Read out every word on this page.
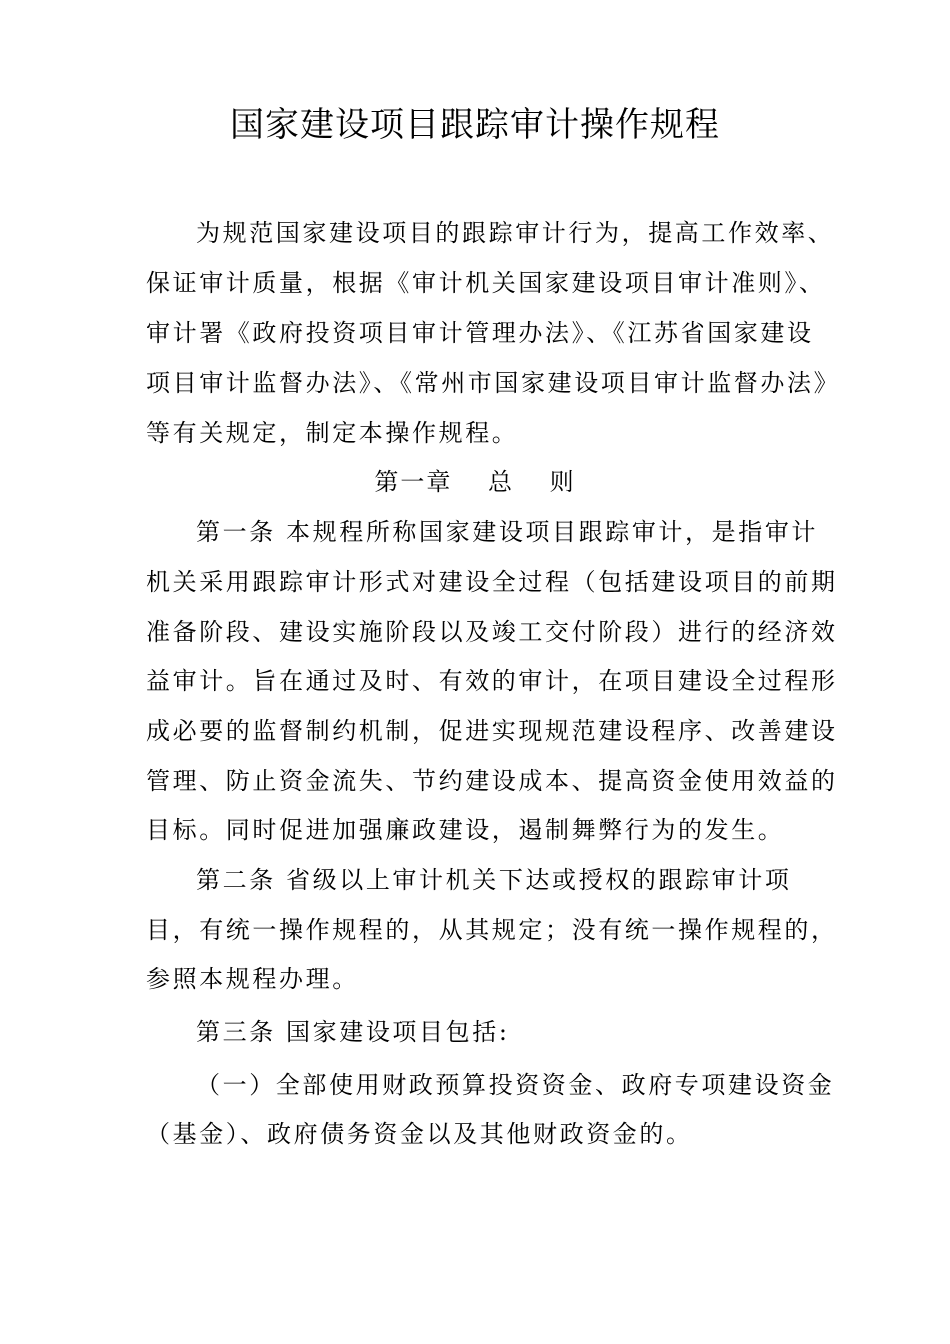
国家建设项目跟踪审计操作规程
为规范国家建设项目的跟踪审计行为，提高工作效率、
保证审计质量，根据《审计机关国家建设项目审计准则》、
审计署《政府投资项目审计管理办法》、《江苏省国家建设
项目审计监督办法》、《常州市国家建设项目审计监督办法》
等有关规定，制定本操作规程。
第一章　 总　 则
第一条 本规程所称国家建设项目跟踪审计，是指审计
机关采用跟踪审计形式对建设全过程（包括建设项目的前期
准备阶段、建设实施阶段以及竣工交付阶段）进行的经济效
益审计。旨在通过及时、有效的审计，在项目建设全过程形
成必要的监督制约机制，促进实现规范建设程序、改善建设
管理、防止资金流失、节约建设成本、提高资金使用效益的
目标。同时促进加强廉政建设，遏制舞弊行为的发生。
第二条 省级以上审计机关下达或授权的跟踪审计项
目，有统一操作规程的，从其规定；没有统一操作规程的，
参照本规程办理。
第三条 国家建设项目包括:
（一）全部使用财政预算投资资金、政府专项建设资金
（基金）、政府债务资金以及其他财政资金的。
